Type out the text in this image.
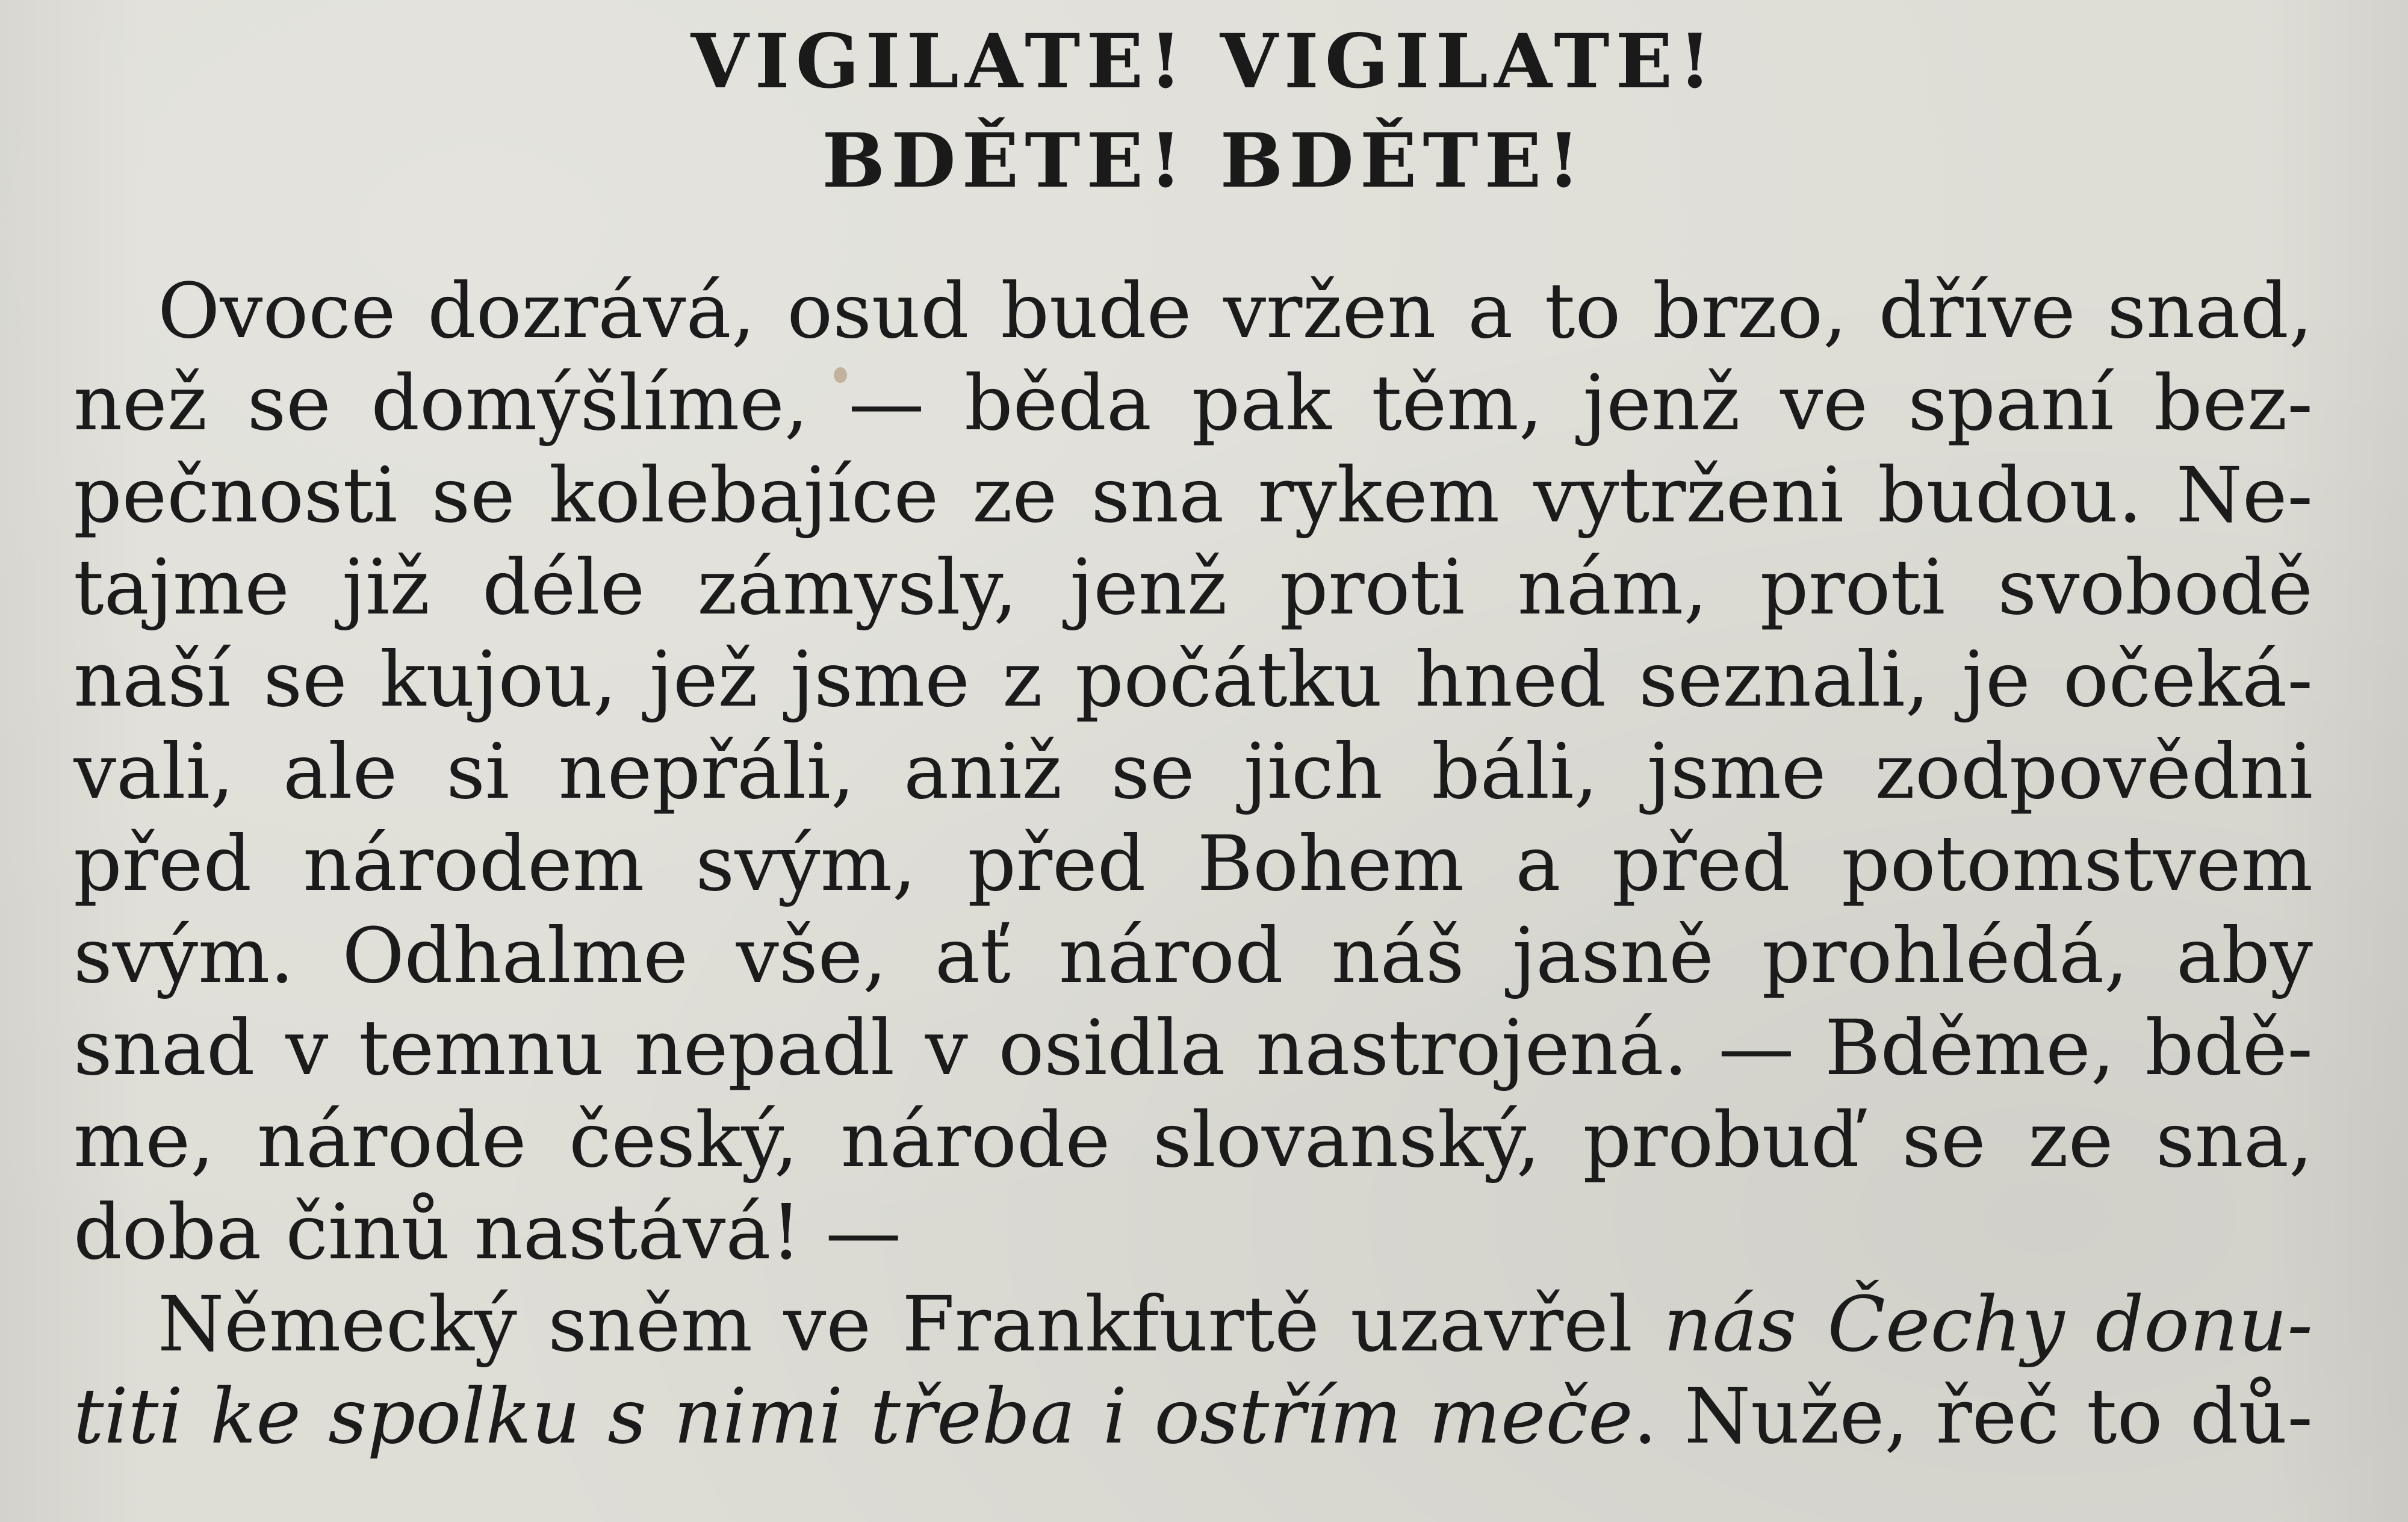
VIGILATE! VIGILATE!
BDĚTE! BDĚTE!
Ovoce dozrává, osud bude vržen a to brzo, dříve snad,
než se domýšlíme, — běda pak těm, jenž ve spaní bez-
pečnosti se kolebajíce ze sna rykem vytrženi budou. Ne-
tajme již déle zámysly, jenž proti nám, proti svobodě
naší se kujou, jež jsme z počátku hned seznali, je očeká-
vali, ale si nepřáli, aniž se jich báli, jsme zodpovědni
před národem svým, před Bohem a před potomstvem
svým. Odhalme vše, ať národ náš jasně prohlédá, aby
snad v temnu nepadl v osidla nastrojená. — Bděme, bdě-
me, národe český, národe slovanský, probuď se ze sna,
doba činů nastává! —
Německý sněm ve Frankfurtě uzavřel nás Čechy donu-
titi ke spolku s nimi třeba i ostřím meče. Nuže, řeč to dů-
